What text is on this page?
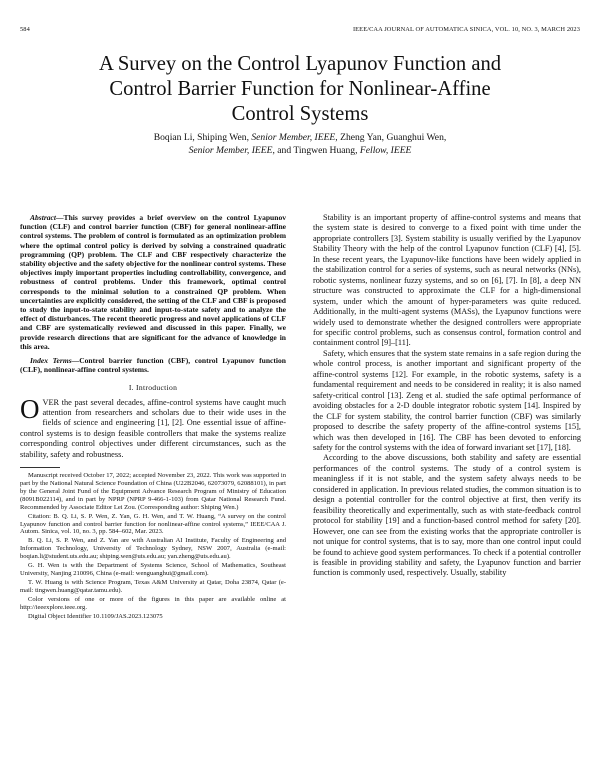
584	IEEE/CAA JOURNAL OF AUTOMATICA SINICA, VOL. 10, NO. 3, MARCH 2023
A Survey on the Control Lyapunov Function and
Control Barrier Function for Nonlinear-Affine
Control Systems
Boqian Li, Shiping Wen, Senior Member, IEEE, Zheng Yan, Guanghui Wen,
Senior Member, IEEE, and Tingwen Huang, Fellow, IEEE

Abstract—This survey provides a brief overview on the control Lyapunov function (CLF) and control barrier function (CBF) for general nonlinear-affine control systems. The problem of control is formulated as an optimization problem where the optimal control policy is derived by solving a constrained quadratic programming (QP) problem. The CLF and CBF respectively characterize the stability objective and the safety objective for the nonlinear control systems. These objectives imply important properties including controllability, convergence, and robustness of control problems. Under this framework, optimal control corresponds to the minimal solution to a constrained QP problem. When uncertainties are explicitly considered, the setting of the CLF and CBF is proposed to study the input-to-state stability and input-to-state safety and to analyze the effect of disturbances. The recent theoretic progress and novel applications of CLF and CBF are systematically reviewed and discussed in this paper. Finally, we provide research directions that are significant for the advance of knowledge in this area.

Index Terms—Control barrier function (CBF), control Lyapunov function (CLF), nonlinear-affine control systems.

I. Introduction

OVER the past several decades, affine-control systems have caught much attention from researchers and scholars due to their wide uses in the fields of science and engineering [1], [2]. One essential issue of affine-control systems is to design feasible controllers that make the systems realize corresponding control objectives under different circumstances, such as the stability, safety and robustness.

Manuscript received October 17, 2022; accepted November 23, 2022. This work was supported in part by the National Natural Science Foundation of China (U22B2046, 62073079, 62088101), in part by the General Joint Fund of the Equipment Advance Research Program of Ministry of Education (8091B022114), and in part by NPRP (NPRP 9-466-1-103) from Qatar National Research Fund. Recommended by Associate Editor Lei Zou. (Corresponding author: Shiping Wen.)

Citation: B. Q. Li, S. P. Wen, Z. Yan, G. H. Wen, and T. W. Huang, “A survey on the control Lyapunov function and control barrier function for nonlinear-affine control systems,” IEEE/CAA J. Autom. Sinica, vol. 10, no. 3, pp. 584–602, Mar. 2023.

B. Q. Li, S. P. Wen, and Z. Yan are with Australian AI Institute, Faculty of Engineering and Information Technology, University of Technology Sydney, NSW 2007, Australia (e-mail: boqian.li@student.uts.edu.au; shiping.wen@uts.edu.au; yan.zheng@uts.edu.au).

G. H. Wen is with the Department of Systems Science, School of Mathematics, Southeast University, Nanjing 210096, China (e-mail: wenguanghui@gmail.com).

T. W. Huang is with Science Program, Texas A&M University at Qatar, Doha 23874, Qatar (e-mail: tingwen.huang@qatar.tamu.edu).

Color versions of one or more of the figures in this paper are available online at http://ieeexplore.ieee.org.

Digital Object Identifier 10.1109/JAS.2023.123075

Stability is an important property of affine-control systems and means that the system state is desired to converge to a fixed point with time under the appropriate controllers [3]. System stability is usually verified by the Lyapunov Stability Theory with the help of the control Lyapunov function (CLF) [4], [5]. In these recent years, the Lyapunov-like functions have been widely applied in the stabilization control for a series of systems, such as neural networks (NNs), robotic systems, nonlinear fuzzy systems, and so on [6], [7]. In [8], a deep NN structure was constructed to approximate the CLF for a high-dimensional system, under which the amount of hyper-parameters was quite reduced. Additionally, in the multi-agent systems (MASs), the Lyapunov functions were widely used to demonstrate whether the designed controllers were appropriate for specific control problems, such as consensus control, formation control and containment control [9]–[11].

Safety, which ensures that the system state remains in a safe region during the whole control process, is another important and significant property of the affine-control systems [12]. For example, in the robotic systems, safety is a fundamental requirement and needs to be considered in reality; it is also named safety-critical control [13]. Zeng et al. studied the safe optimal performance of avoiding obstacles for a 2-D double integrator robotic system [14]. Inspired by the CLF for system stability, the control barrier function (CBF) was similarly proposed to describe the safety property of the affine-control systems [15], which was then developed in [16]. The CBF has been devoted to enforcing safety for the control systems with the idea of forward invariant set [17], [18].

According to the above discussions, both stability and safety are essential performances of the control systems. The study of a control system is meaningless if it is not stable, and the system safety always needs to be considered in application. In previous related studies, the common situation is to design a potential controller for the control objective at first, then verify its feasibility theoretically and experimentally, such as with state-feedback control protocol for stability [19] and a function-based control method for safety [20]. However, one can see from the existing works that the appropriate controller is not unique for control systems, that is to say, more than one control input could be found to achieve good system performances. To check if a potential controller is feasible in providing stability and safety, the Lyapunov function and barrier function is commonly used, respectively. Usually, stability
